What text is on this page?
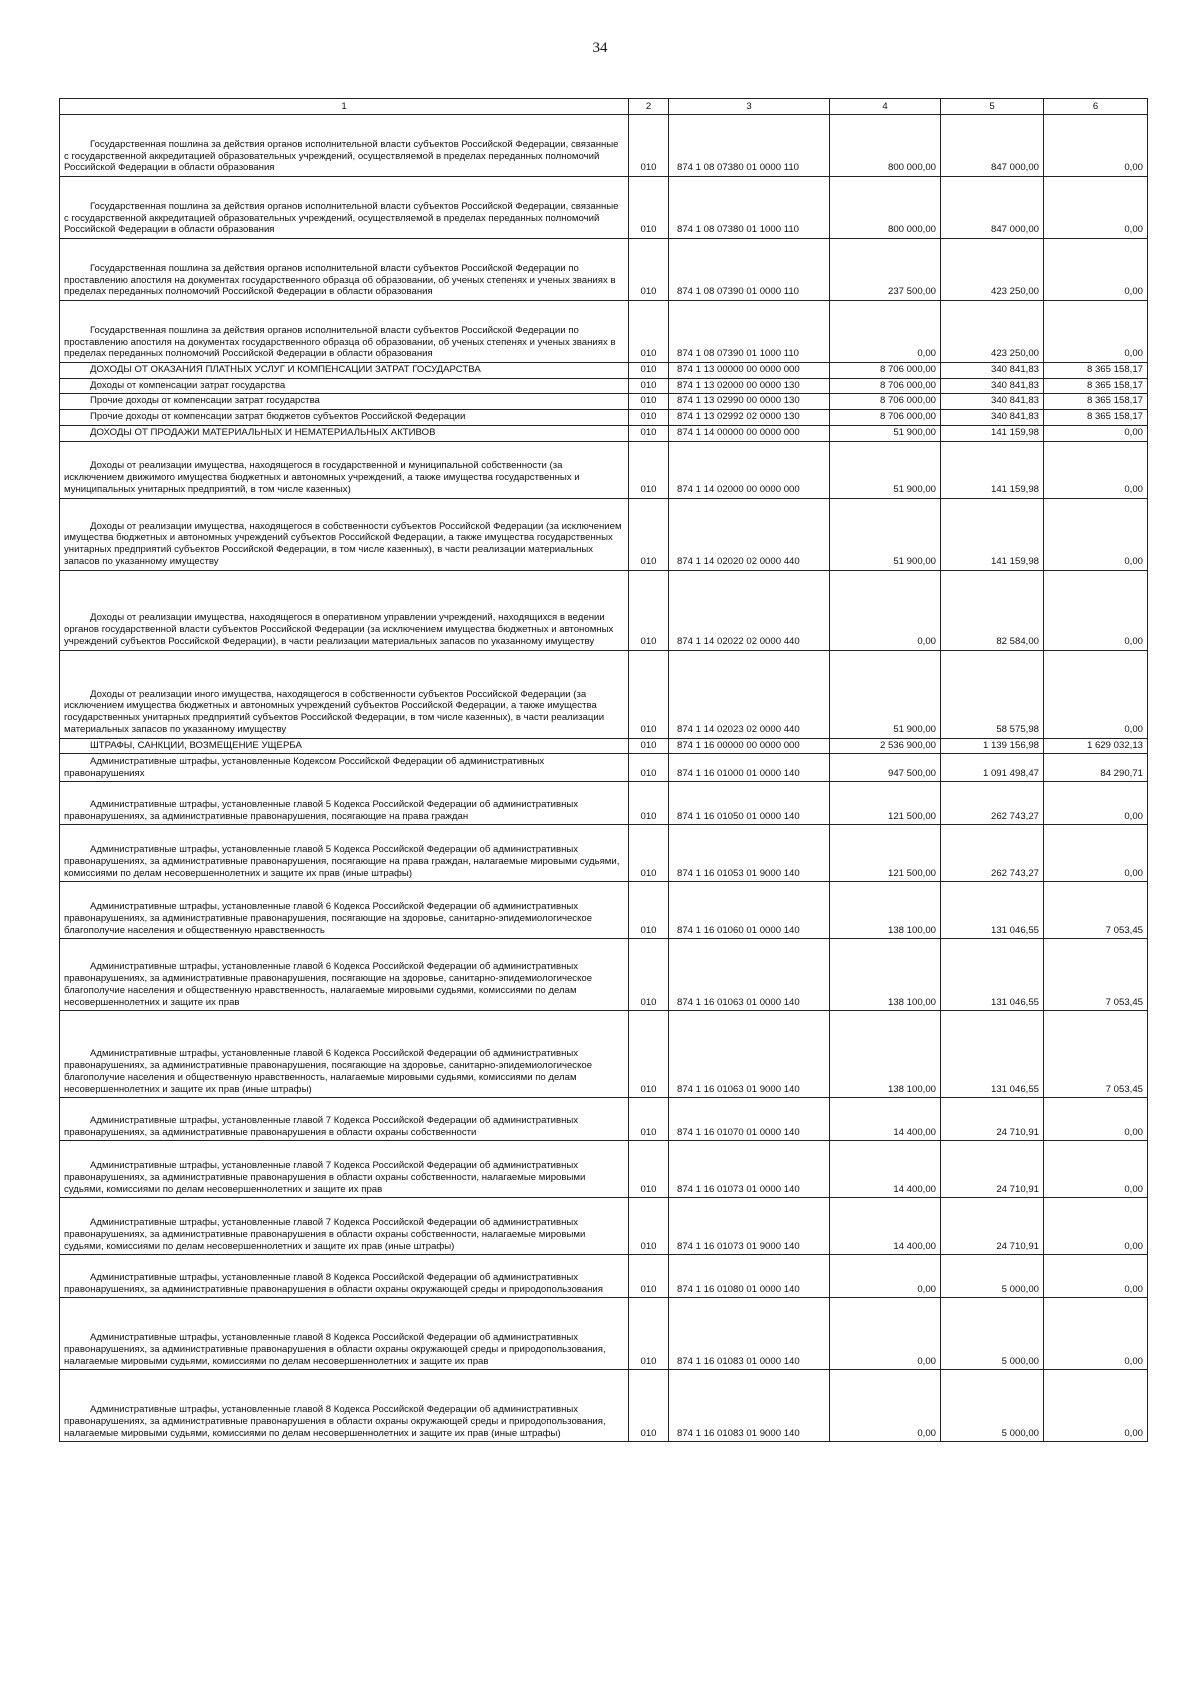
34
1	2	3	4	5	6
Государственная пошлина за действия органов исполнительной власти субъектов Российской Федерации, связанные с государственной аккредитацией образовательных учреждений, осуществляемой в пределах переданных полномочий Российской Федерации в области образования	010	874 1 08 07380 01 0000 110	800 000,00	847 000,00	0,00
Государственная пошлина за действия органов исполнительной власти субъектов Российской Федерации, связанные с государственной аккредитацией образовательных учреждений, осуществляемой в пределах переданных полномочий Российской Федерации в области образования	010	874 1 08 07380 01 1000 110	800 000,00	847 000,00	0,00
Государственная пошлина за действия органов исполнительной власти субъектов Российской Федерации по проставлению апостиля на документах государственного образца об образовании, об ученых степенях и ученых званиях в пределах переданных полномочий Российской Федерации в области образования	010	874 1 08 07390 01 0000 110	237 500,00	423 250,00	0,00
Государственная пошлина за действия органов исполнительной власти субъектов Российской Федерации по проставлению апостиля на документах государственного образца об образовании, об ученых степенях и ученых званиях в пределах переданных полномочий Российской Федерации в области образования	010	874 1 08 07390 01 1000 110	0,00	423 250,00	0,00
ДОХОДЫ ОТ ОКАЗАНИЯ ПЛАТНЫХ УСЛУГ И КОМПЕНСАЦИИ ЗАТРАТ ГОСУДАРСТВА	010	874 1 13 00000 00 0000 000	8 706 000,00	340 841,83	8 365 158,17
Доходы от компенсации затрат государства	010	874 1 13 02000 00 0000 130	8 706 000,00	340 841,83	8 365 158,17
Прочие доходы от компенсации затрат государства	010	874 1 13 02990 00 0000 130	8 706 000,00	340 841,83	8 365 158,17
Прочие доходы от компенсации затрат бюджетов субъектов Российской Федерации	010	874 1 13 02992 02 0000 130	8 706 000,00	340 841,83	8 365 158,17
ДОХОДЫ ОТ ПРОДАЖИ МАТЕРИАЛЬНЫХ И НЕМАТЕРИАЛЬНЫХ АКТИВОВ	010	874 1 14 00000 00 0000 000	51 900,00	141 159,98	0,00
Доходы от реализации имущества, находящегося в государственной и муниципальной собственности (за исключением движимого имущества бюджетных и автономных учреждений, а также имущества государственных и муниципальных унитарных предприятий, в том числе казенных)	010	874 1 14 02000 00 0000 000	51 900,00	141 159,98	0,00
Доходы от реализации имущества, находящегося в собственности субъектов Российской Федерации (за исключением имущества бюджетных и автономных учреждений субъектов Российской Федерации, а также имущества государственных унитарных предприятий субъектов Российской Федерации, в том числе казенных), в части реализации материальных запасов по указанному имуществу	010	874 1 14 02020 02 0000 440	51 900,00	141 159,98	0,00
Доходы от реализации имущества, находящегося в оперативном управлении учреждений, находящихся в ведении органов государственной власти субъектов Российской Федерации (за исключением имущества бюджетных и автономных учреждений субъектов Российской Федерации), в части реализации материальных запасов по указанному имуществу	010	874 1 14 02022 02 0000 440	0,00	82 584,00	0,00
Доходы от реализации иного имущества, находящегося в собственности субъектов Российской Федерации (за исключением имущества бюджетных и автономных учреждений субъектов Российской Федерации, а также имущества государственных унитарных предприятий субъектов Российской Федерации, в том числе казенных), в части реализации материальных запасов по указанному имуществу	010	874 1 14 02023 02 0000 440	51 900,00	58 575,98	0,00
ШТРАФЫ, САНКЦИИ, ВОЗМЕЩЕНИЕ УЩЕРБА	010	874 1 16 00000 00 0000 000	2 536 900,00	1 139 156,98	1 629 032,13
Административные штрафы, установленные Кодексом Российской Федерации об административных правонарушениях	010	874 1 16 01000 01 0000 140	947 500,00	1 091 498,47	84 290,71
Административные штрафы, установленные главой 5 Кодекса Российской Федерации об административных правонарушениях, за административные правонарушения, посягающие на права граждан	010	874 1 16 01050 01 0000 140	121 500,00	262 743,27	0,00
Административные штрафы, установленные главой 5 Кодекса Российской Федерации об административных правонарушениях, за административные правонарушения, посягающие на права граждан, налагаемые мировыми судьями, комиссиями по делам несовершеннолетних и защите их прав (иные штрафы)	010	874 1 16 01053 01 9000 140	121 500,00	262 743,27	0,00
Административные штрафы, установленные главой 6 Кодекса Российской Федерации об административных правонарушениях, за административные правонарушения, посягающие на здоровье, санитарно-эпидемиологическое благополучие населения и общественную нравственность	010	874 1 16 01060 01 0000 140	138 100,00	131 046,55	7 053,45
Административные штрафы, установленные главой 6 Кодекса Российской Федерации об административных правонарушениях, за административные правонарушения, посягающие на здоровье, санитарно-эпидемиологическое благополучие населения и общественную нравственность, налагаемые мировыми судьями, комиссиями по делам несовершеннолетних и защите их прав	010	874 1 16 01063 01 0000 140	138 100,00	131 046,55	7 053,45
Административные штрафы, установленные главой 6 Кодекса Российской Федерации об административных правонарушениях, за административные правонарушения, посягающие на здоровье, санитарно-эпидемиологическое благополучие населения и общественную нравственность, налагаемые мировыми судьями, комиссиями по делам несовершеннолетних и защите их прав (иные штрафы)	010	874 1 16 01063 01 9000 140	138 100,00	131 046,55	7 053,45
Административные штрафы, установленные главой 7 Кодекса Российской Федерации об административных правонарушениях, за административные правонарушения в области охраны собственности	010	874 1 16 01070 01 0000 140	14 400,00	24 710,91	0,00
Административные штрафы, установленные главой 7 Кодекса Российской Федерации об административных правонарушениях, за административные правонарушения в области охраны собственности, налагаемые мировыми судьями, комиссиями по делам несовершеннолетних и защите их прав	010	874 1 16 01073 01 0000 140	14 400,00	24 710,91	0,00
Административные штрафы, установленные главой 7 Кодекса Российской Федерации об административных правонарушениях, за административные правонарушения в области охраны собственности, налагаемые мировыми судьями, комиссиями по делам несовершеннолетних и защите их прав (иные штрафы)	010	874 1 16 01073 01 9000 140	14 400,00	24 710,91	0,00
Административные штрафы, установленные главой 8 Кодекса Российской Федерации об административных правонарушениях, за административные правонарушения в области охраны окружающей среды и природопользования	010	874 1 16 01080 01 0000 140	0,00	5 000,00	0,00
Административные штрафы, установленные главой 8 Кодекса Российской Федерации об административных правонарушениях, за административные правонарушения в области охраны окружающей среды и природопользования, налагаемые мировыми судьями, комиссиями по делам несовершеннолетних и защите их прав	010	874 1 16 01083 01 0000 140	0,00	5 000,00	0,00
Административные штрафы, установленные главой 8 Кодекса Российской Федерации об административных правонарушениях, за административные правонарушения в области охраны окружающей среды и природопользования, налагаемые мировыми судьями, комиссиями по делам несовершеннолетних и защите их прав (иные штрафы)	010	874 1 16 01083 01 9000 140	0,00	5 000,00	0,00
